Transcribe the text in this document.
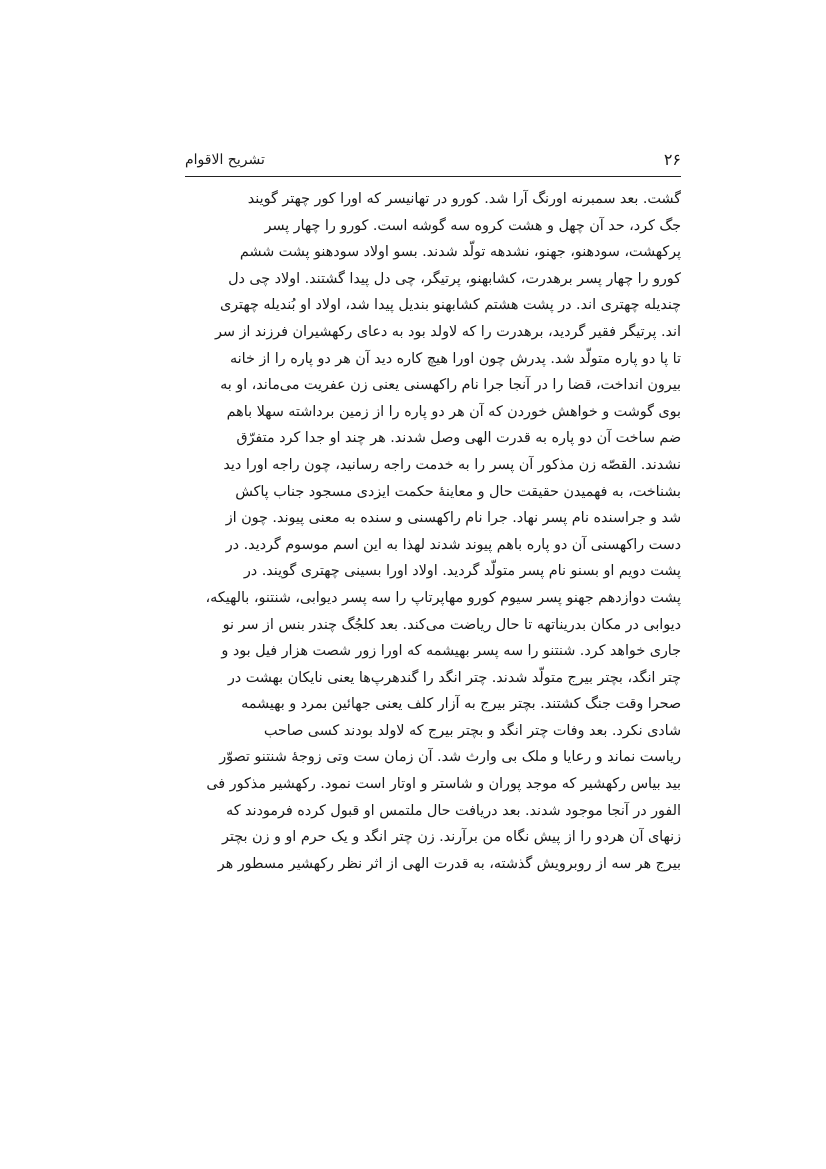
۲۶
تشریح الاقوام
گشت. بعد سمبرنه اورنگ آرا شد. کورو در تهانیسر که اورا کور چهتر گویند
جگ کرد، حد آن چهل و هشت کروه سه گوشه است. کورو را چهار پسر
پرکهشت، سودهنو، جهنو، نشدهه تولّد شدند. بسو اولاد سودهنو پشت ششم
کورو را چهار پسر برهدرت، کشابهنو، پرتیگر، چی دل پیدا گشتند. اولاد چی دل
چندیله چهتری اند. در پشت هشتم کشابهنو بندیل پیدا شد، اولاد او بُندیله چهتری
اند. پرتیگر فقیر گردید، برهدرت را که لاولد بود به دعای رکهشیران فرزند از سر
تا پا دو پاره متولّد شد. پدرش چون اورا هیچ کاره دید آن هر دو پاره را از خانه
بیرون انداخت، قضا را در آنجا جرا نام راکهسنی یعنی زن عفریت می‌ماند، او به
بوی گوشت و خواهش خوردن که آن هر دو پاره را از زمین برداشته سهلا باهم
ضم ساخت آن دو پاره به قدرت الهی وصل شدند. هر چند او جدا کرد متفرّق
نشدند. القصّه زن مذکور آن پسر را به خدمت راجه رسانید، چون راجه اورا دید
بشناخت، به فهمیدن حقیقت حال و معاینهٔ حکمت ایزدی مسجود جناب پاکش
شد و جراسنده نام پسر نهاد. جرا نام راکهسنی و سنده به معنی پیوند. چون از
دست راکهسنی آن دو پاره باهم پیوند شدند لهذا به این اسم موسوم گردید. در
پشت دویم او بسنو نام پسر متولّد گردید. اولاد اورا بسینی چهتری گویند. در
پشت دوازدهم جهنو پسر سیوم کورو مهاپرتاپ را سه پسر دیوابی، شنتنو، بالهیکه،
دیوابی در مکان بدریناتهه تا حال ریاضت می‌کند. بعد کلجُگ چندر بنس از سر نو
جاری خواهد کرد. شنتنو را سه پسر بهیشمه که اورا زور شصت هزار فیل بود و
چتر انگد، بچتر بیرج متولّد شدند. چتر انگد را گندهرپ‌ها یعنی نایکان بهشت در
صحرا وقت جنگ کشتند. بچتر بیرج به آزار کلف یعنی جهائین بمرد و بهیشمه
شادی نکرد. بعد وفات چتر انگد و بچتر بیرج که لاولد بودند کسی صاحب
ریاست نماند و رعایا و ملک بی وارث شد. آن زمان ست وتی زوجهٔ شنتنو تصوّر
بید بیاس رکهشیر که موجد پوران و شاستر و اوتار است نمود. رکهشیر مذکور فی
الفور در آنجا موجود شدند. بعد دریافت حال ملتمس او قبول کرده فرمودند که
زنهای آن هردو را از پیش نگاه من برآرند. زن چتر انگد و یک حرم او و زن بچتر
بیرج هر سه از روبرویش گذشته، به قدرت الهی از اثر نظر رکهشیر مسطور هر
